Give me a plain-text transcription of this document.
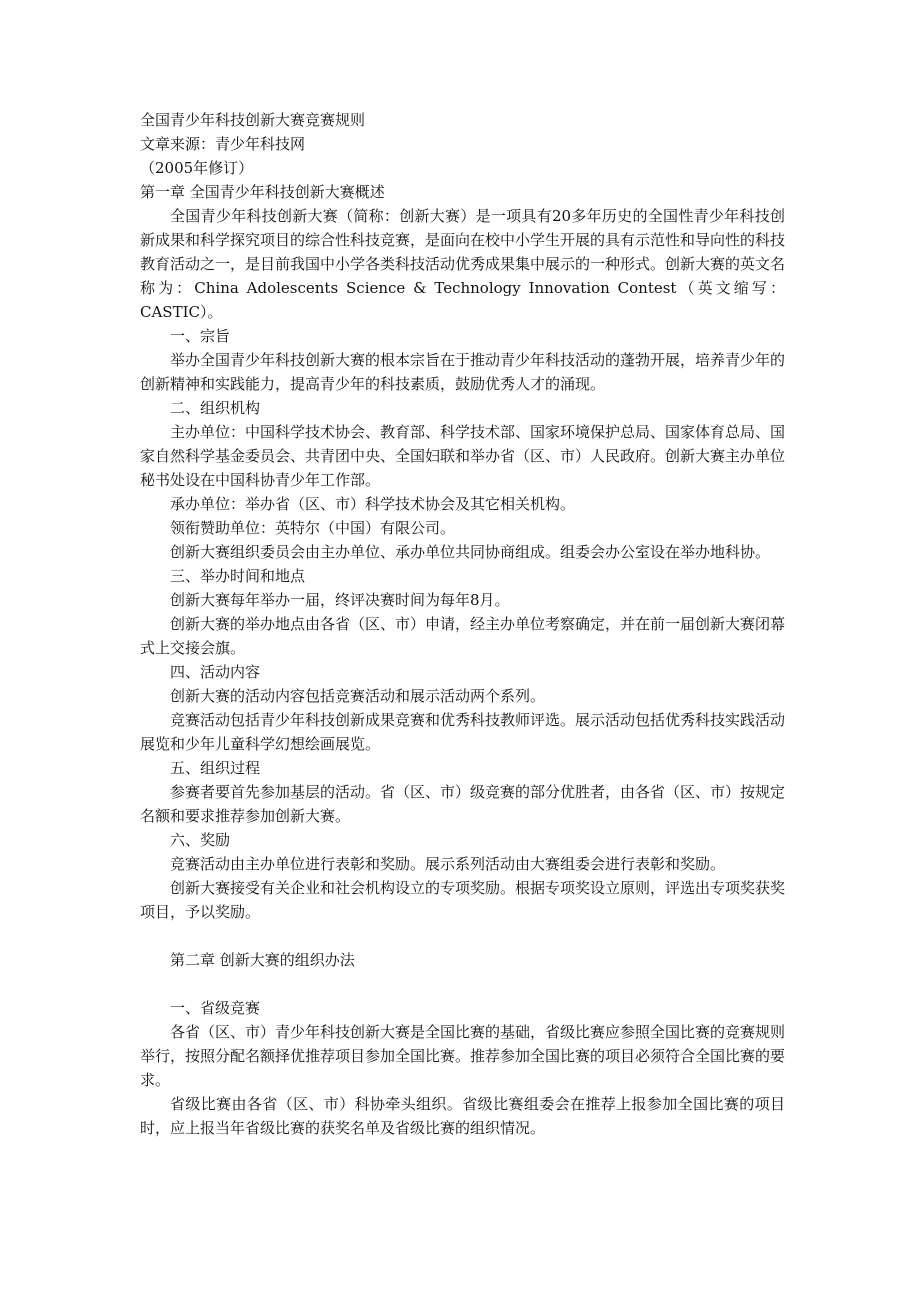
全国青少年科技创新大赛竞赛规则

文章来源：青少年科技网

（2005年修订）

第一章 全国青少年科技创新大赛概述

全国青少年科技创新大赛（简称：创新大赛）是一项具有20多年历史的全国性青少年科技创新成果和科学探究项目的综合性科技竞赛，是面向在校中小学生开展的具有示范性和导向性的科技教育活动之一，是目前我国中小学各类科技活动优秀成果集中展示的一种形式。创新大赛的英文名称为：China Adolescents Science & Technology Innovation Contest（英文缩写：CASTIC）。

一、宗旨

举办全国青少年科技创新大赛的根本宗旨在于推动青少年科技活动的蓬勃开展，培养青少年的创新精神和实践能力，提高青少年的科技素质，鼓励优秀人才的涌现。

二、组织机构

主办单位：中国科学技术协会、教育部、科学技术部、国家环境保护总局、国家体育总局、国家自然科学基金委员会、共青团中央、全国妇联和举办省（区、市）人民政府。创新大赛主办单位秘书处设在中国科协青少年工作部。

承办单位：举办省（区、市）科学技术协会及其它相关机构。

领衔赞助单位：英特尔（中国）有限公司。

创新大赛组织委员会由主办单位、承办单位共同协商组成。组委会办公室设在举办地科协。

三、举办时间和地点

创新大赛每年举办一届，终评决赛时间为每年8月。

创新大赛的举办地点由各省（区、市）申请，经主办单位考察确定，并在前一届创新大赛闭幕式上交接会旗。

四、活动内容

创新大赛的活动内容包括竞赛活动和展示活动两个系列。

竞赛活动包括青少年科技创新成果竞赛和优秀科技教师评选。展示活动包括优秀科技实践活动展览和少年儿童科学幻想绘画展览。

五、组织过程

参赛者要首先参加基层的活动。省（区、市）级竞赛的部分优胜者，由各省（区、市）按规定名额和要求推荐参加创新大赛。

六、奖励

竞赛活动由主办单位进行表彰和奖励。展示系列活动由大赛组委会进行表彰和奖励。

创新大赛接受有关企业和社会机构设立的专项奖励。根据专项奖设立原则，评选出专项奖获奖项目，予以奖励。

第二章 创新大赛的组织办法

一、省级竞赛

各省（区、市）青少年科技创新大赛是全国比赛的基础，省级比赛应参照全国比赛的竞赛规则举行，按照分配名额择优推荐项目参加全国比赛。推荐参加全国比赛的项目必须符合全国比赛的要求。

省级比赛由各省（区、市）科协牵头组织。省级比赛组委会在推荐上报参加全国比赛的项目时，应上报当年省级比赛的获奖名单及省级比赛的组织情况。
